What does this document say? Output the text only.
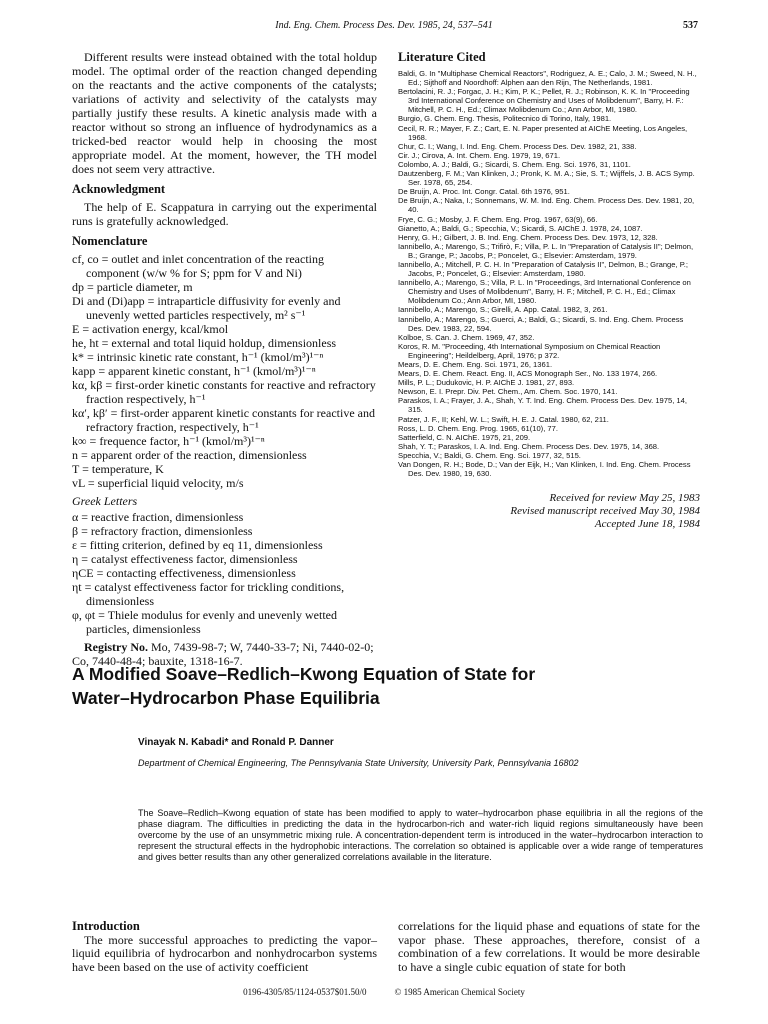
Ind. Eng. Chem. Process Des. Dev. 1985, 24, 537–541	537

Different results were instead obtained with the total holdup model. The optimal order of the reaction changed depending on the reactants and the active components of the catalysts; variations of activity and selectivity of the catalysts may partially justify these results. A kinetic analysis made with a reactor without so strong an influence of hydrodynamics as a tricked-bed reactor would help in choosing the most appropriate model. At the moment, however, the TH model does not seem very attractive.

Acknowledgment

The help of E. Scappatura in carrying out the experimental runs is gratefully acknowledged.

Nomenclature

cf, co = outlet and inlet concentration of the reacting component (w/w % for S; ppm for V and Ni)

dp = particle diameter, m

Di and (Di)app = intraparticle diffusivity for evenly and unevenly wetted particles respectively, m² s⁻¹

E = activation energy, kcal/kmol

he, ht = external and total liquid holdup, dimensionless

k* = intrinsic kinetic rate constant, h⁻¹ (kmol/m³)¹⁻ⁿ

kapp = apparent kinetic constant, h⁻¹ (kmol/m³)¹⁻ⁿ

kα, kβ = first-order kinetic constants for reactive and refractory fraction respectively, h⁻¹

kα′, kβ′ = first-order apparent kinetic constants for reactive and refractory fraction, respectively, h⁻¹

k∞ = frequence factor, h⁻¹ (kmol/m³)¹⁻ⁿ

n = apparent order of the reaction, dimensionless

T = temperature, K

vL = superficial liquid velocity, m/s

Greek Letters

α = reactive fraction, dimensionless

β = refractory fraction, dimensionless

ε = fitting criterion, defined by eq 11, dimensionless

η = catalyst effectiveness factor, dimensionless

ηCE = contacting effectiveness, dimensionless

ηt = catalyst effectiveness factor for trickling conditions, dimensionless

φ, φt = Thiele modulus for evenly and unevenly wetted particles, dimensionless

Registry No. Mo, 7439-98-7; W, 7440-33-7; Ni, 7440-02-0; Co, 7440-48-4; bauxite, 1318-16-7.

Literature Cited

Baldi, G. In "Multiphase Chemical Reactors", Rodriguez, A. E.; Calo, J. M.; Sweed, N. H., Ed.; Sijthoff and Noordhoff: Alphen aan den Rijn, The Netherlands, 1981.

Bertolacini, R. J.; Forgac, J. H.; Kim, P. K.; Pellet, R. J.; Robinson, K. K. In "Proceeding 3rd International Conference on Chemistry and Uses of Molibdenum", Barry, H. F.: Mitchell, P. C. H., Ed.; Climax Molibdenum Co.; Ann Arbor, MI, 1980.

Burgio, G. Chem. Eng. Thesis, Politecnico di Torino, Italy, 1981.

Cecil, R. R.; Mayer, F. Z.; Cart, E. N. Paper presented at AIChE Meeting, Los Angeles, 1968.

Chur, C. I.; Wang, I. Ind. Eng. Chem. Process Des. Dev. 1982, 21, 338.

Cir. J.; Cirova, A. Int. Chem. Eng. 1979, 19, 671.

Colombo, A. J.; Baldi, G.; Sicardi, S. Chem. Eng. Sci. 1976, 31, 1101.

Dautzenberg, F. M.; Van Klinken, J.; Pronk, K. M. A.; Sie, S. T.; Wijffels, J. B. ACS Symp. Ser. 1978, 65, 254.

De Bruijn, A. Proc. Int. Congr. Catal. 6th 1976, 951.

De Bruijn, A.; Naka, I.; Sonnemans, W. M. Ind. Eng. Chem. Process Des. Dev. 1981, 20, 40.

Frye, C. G.; Mosby, J. F. Chem. Eng. Prog. 1967, 63(9), 66.

Gianetto, A.; Baldi, G.; Specchia, V.; Sicardi, S. AIChE J. 1978, 24, 1087.

Henry, G. H.; Gilbert, J. B. Ind. Eng. Chem. Process Des. Dev. 1973, 12, 328.

Iannibello, A.; Marengo, S.; Trifirò, F.; Villa, P. L. In "Preparation of Catalysis II"; Delmon, B.; Grange, P.; Jacobs, P.; Poncelet, G.; Elsevier: Amsterdam, 1979.

Iannibello, A.; Mitchell, P. C. H. In "Preparation of Catalysis II", Delmon, B.; Grange, P.; Jacobs, P.; Poncelet, G.; Elsevier: Amsterdam, 1980.

Iannibello, A.; Marengo, S.; Villa, P. L. In "Proceedings, 3rd International Conference on Chemistry and Uses of Molibdenum", Barry, H. F.; Mitchell, P. C. H., Ed.; Climax Molibdenum Co.; Ann Arbor, MI, 1980.

Iannibello, A.; Marengo, S.; Girelli, A. App. Catal. 1982, 3, 261.

Iannibello, A.; Marengo, S.; Guerci, A.; Baldi, G.; Sicardi, S. Ind. Eng. Chem. Process Des. Dev. 1983, 22, 594.

Kolboe, S. Can. J. Chem. 1969, 47, 352.

Koros, R. M. "Proceeding, 4th International Symposium on Chemical Reaction Engineering"; Heildelberg, April, 1976; p 372.

Mears, D. E. Chem. Eng. Sci. 1971, 26, 1361.

Mears, D. E. Chem. React. Eng. II, ACS Monograph Ser., No. 133 1974, 266.

Mills, P. L.; Dudukovic, H. P. AIChE J. 1981, 27, 893.

Newson, E. I. Prepr. Div. Pet. Chem., Am. Chem. Soc. 1970, 141.

Paraskos, I. A.; Frayer, J. A., Shah, Y. T. Ind. Eng. Chem. Process Des. Dev. 1975, 14, 315.

Patzer, J. F., II; Kehl, W. L.; Swift, H. E. J. Catal. 1980, 62, 211.

Ross, L. D. Chem. Eng. Prog. 1965, 61(10), 77.

Satterfield, C. N. AIChE. 1975, 21, 209.

Shah, Y. T.; Paraskos, I. A. Ind. Eng. Chem. Process Des. Dev. 1975, 14, 368.

Specchia, V.; Baldi, G. Chem. Eng. Sci. 1977, 32, 515.

Van Dongen, R. H.; Bode, D.; Van der Eijk, H.; Van Klinken, I. Ind. Eng. Chem. Process Des. Dev. 1980, 19, 630.

Received for review May 25, 1983
Revised manuscript received May 30, 1984
Accepted June 18, 1984
A Modified Soave–Redlich–Kwong Equation of State for
Water–Hydrocarbon Phase Equilibria
Vinayak N. Kabadi* and Ronald P. Danner
Department of Chemical Engineering, The Pennsylvania State University, University Park, Pennsylvania 16802

The Soave–Redlich–Kwong equation of state has been modified to apply to water–hydrocarbon phase equilibria in all the regions of the phase diagram. The difficulties in predicting the data in the hydrocarbon-rich and water-rich liquid regions simultaneously have been overcome by the use of an unsymmetric mixing rule. A concentration-dependent term is introduced in the water–hydrocarbon interaction to represent the structural effects in the hydrophobic interactions. The correlation so obtained is applicable over a wide range of temperatures and gives better results than any other generalized correlations available in the literature.

Introduction

The more successful approaches to predicting the vapor–liquid equilibria of hydrocarbon and nonhydrocarbon systems have been based on the use of activity coefficient

correlations for the liquid phase and equations of state for the vapor phase. These approaches, therefore, consist of a combination of a few correlations. It would be more desirable to have a single cubic equation of state for both

0196-4305/85/1124-0537$01.50/0	© 1985 American Chemical Society
